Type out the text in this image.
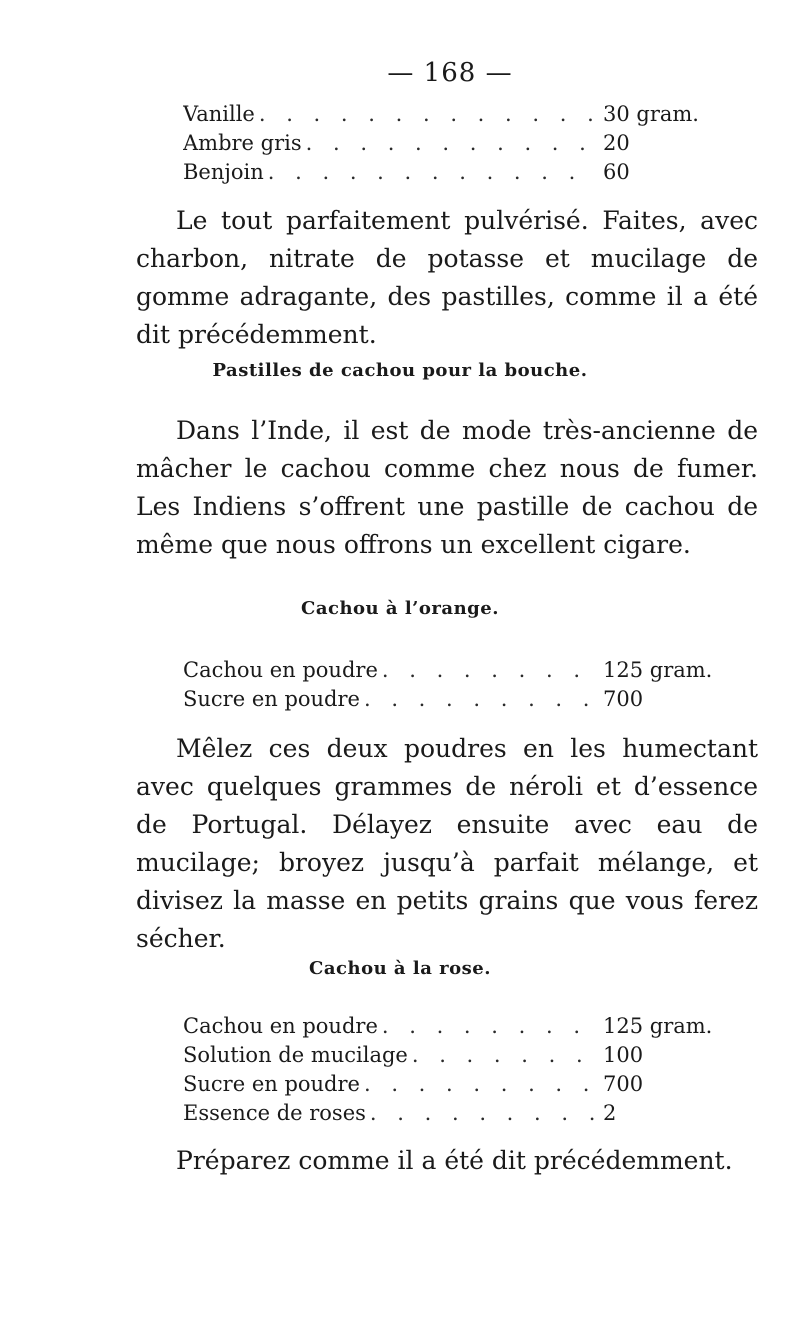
— 168 —
Vanille . . .	30 gram.
Ambre gris . . .	20
Benjoin . . .	60

Le tout parfaitement pulvérisé. Faites, avec charbon, nitrate de potasse et mucilage de gomme adragante, des pastilles, comme il a été dit précédemment.

Pastilles de cachou pour la bouche.

Dans l’Inde, il est de mode très-ancienne de mâcher le cachou comme chez nous de fumer. Les Indiens s’offrent une pastille de cachou de même que nous offrons un excellent cigare.

Cachou à l’orange.
Cachou en poudre . . .	125 gram.
Sucre en poudre . . .	700

Mêlez ces deux poudres en les humectant avec quelques grammes de néroli et d’essence de Portugal. Délayez ensuite avec eau de mucilage; broyez jusqu’à parfait mélange, et divisez la masse en petits grains que vous ferez sécher.

Cachou à la rose.
Cachou en poudre . . .	125 gram.
Solution de mucilage . . .	100
Sucre en poudre . . .	700
Essence de roses . . .	2

Préparez comme il a été dit précédemment.
